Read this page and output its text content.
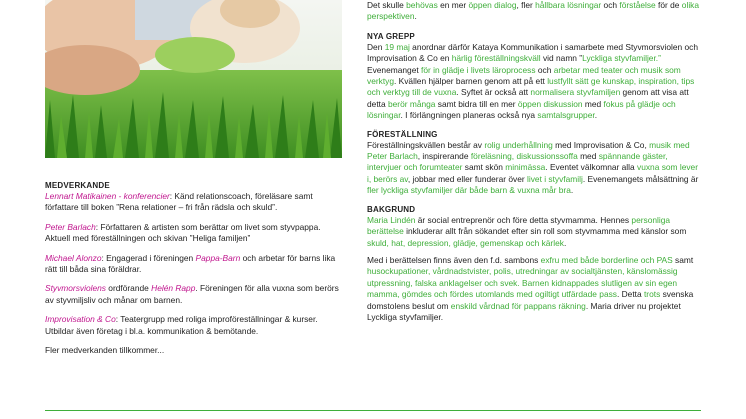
MEDVERKANDE

Lennart Matikainen - konferencier: Känd relationscoach, föreläsare samt författare till boken ”Rena relationer – fri från rädsla och skuld”.

Peter Barlach: Författaren & artisten som berättar om livet som styvpappa. Aktuell med föreställningen och skivan ”Heliga familjen”

Michael Alonzo: Engagerad i föreningen Pappa-Barn och arbetar för barns lika rätt till båda sina föräldrar.

Styvmorsviolens ordförande Helén Rapp. Föreningen för alla vuxna som berörs av styvmiljsliv och månar om barnen.

Improvisation & Co: Teatergrupp med roliga improföreställningar & kurser. Utbildar även företag i bl.a. kommunikation & bemötande.

Fler medverkanden tillkommer...

Det skulle behövas en mer öppen dialog, fler hållbara lösningar och förståelse för de olika perspektiven.

NYA GREPP

Den 19 maj anordnar därför Kataya Kommunikation i samarbete med Styvmorsviolen och Improvisation & Co en härlig föreställningskväll vid namn ”Lyckliga styvfamiljer.” Evenemanget för in glädje i livets läroprocess och arbetar med teater och musik som verktyg. Kvällen hjälper barnen genom att på ett lustfyllt sätt ge kunskap, inspiration, tips och verktyg till de vuxna. Syftet är också att normalisera styvfamiljen genom att visa att detta berör många samt bidra till en mer öppen diskussion med fokus på glädje och lösningar. I förlängningen planeras också nya samtalsgrupper.

FÖRESTÄLLNING

Föreställningskvällen består av rolig underhållning med Improvisation & Co, musik med Peter Barlach, inspirerande föreläsning, diskussionssoffa med spännande gäster, intervjuer och forumteater samt skön minimässa. Eventet välkomnar alla vuxna som lever i, berörs av, jobbar med eller funderar över livet i styvfamilj. Evenemangets målsättning är fler lyckliga styvfamiljer där både barn & vuxna mår bra.

BAKGRUND

Maria Lindén är social entreprenör och före detta styvmamma. Hennes personliga berättelse inkluderar allt från sökandet efter sin roll som styvmamma med känslor som skuld, hat, depression, glädje, gemenskap och kärlek.

Med i berättelsen finns även den f.d. sambons exfru med både borderline och PAS samt husockupationer, vårdnadstvister, polis, utredningar av socialtjänsten, känslomässig utpressning, falska anklagelser och svek. Barnen kidnappades slutligen av sin egen mamma, gömdes och fördes utomlands med ogiltigt utfärdade pass. Detta trots svenska domstolens beslut om enskild vårdnad för pappans räkning. Maria driver nu projektet Lyckliga styvfamiljer.
